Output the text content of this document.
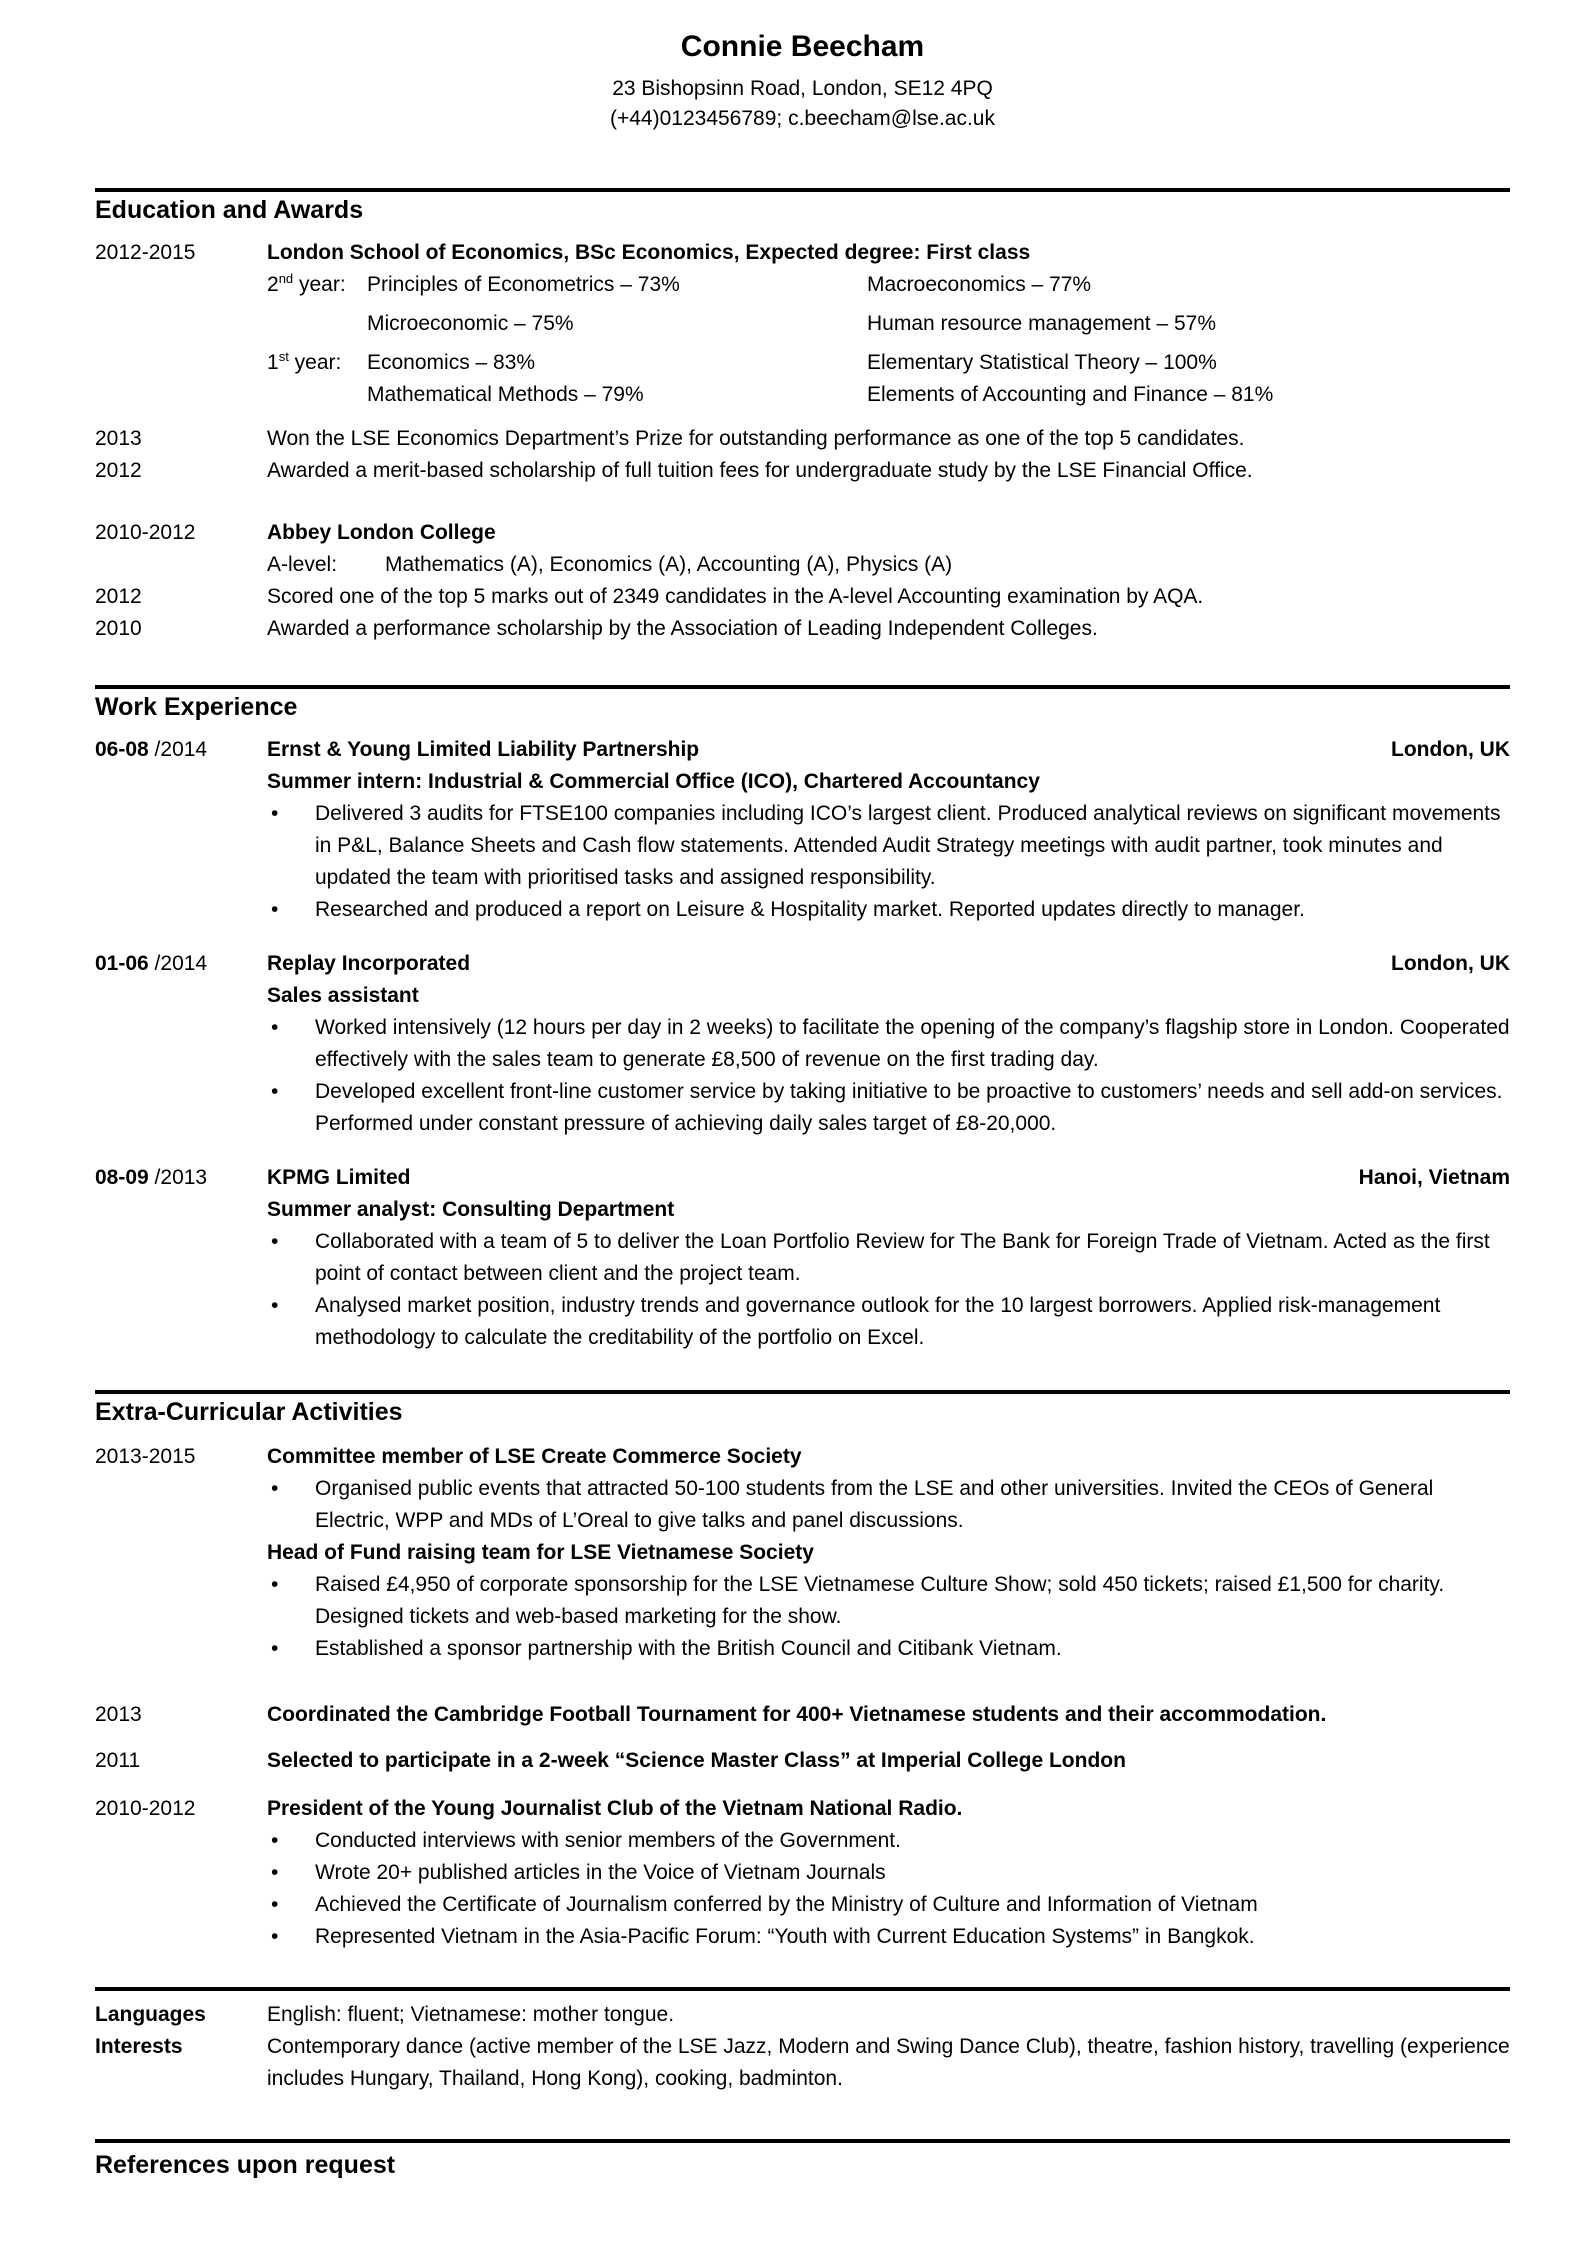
Connie Beecham
23 Bishopsinn Road, London, SE12 4PQ
(+44)0123456789; c.beecham@lse.ac.uk
Education and Awards
2012-2015	London School of Economics, BSc Economics, Expected degree: First class
2nd year:	Principles of Econometrics – 73%	Macroeconomics – 77%
Microeconomic – 75%	Human resource management – 57%
1st year:	Economics – 83%	Elementary Statistical Theory – 100%
Mathematical Methods – 79%	Elements of Accounting and Finance – 81%
2013	Won the LSE Economics Department’s Prize for outstanding performance as one of the top 5 candidates.
2012	Awarded a merit-based scholarship of full tuition fees for undergraduate study by the LSE Financial Office.
2010-2012	Abbey London College
A-level: Mathematics (A), Economics (A), Accounting (A), Physics (A)
2012	Scored one of the top 5 marks out of 2349 candidates in the A-level Accounting examination by AQA.
2010	Awarded a performance scholarship by the Association of Leading Independent Colleges.
Work Experience
06-08 /2014	Ernst & Young Limited Liability Partnership	London, UK
Summer intern: Industrial & Commercial Office (ICO), Chartered Accountancy
• Delivered 3 audits for FTSE100 companies including ICO’s largest client. Produced analytical reviews on significant movements in P&L, Balance Sheets and Cash flow statements. Attended Audit Strategy meetings with audit partner, took minutes and updated the team with prioritised tasks and assigned responsibility.
• Researched and produced a report on Leisure & Hospitality market. Reported updates directly to manager.
01-06 /2014	Replay Incorporated	London, UK
Sales assistant
• Worked intensively (12 hours per day in 2 weeks) to facilitate the opening of the company’s flagship store in London. Cooperated effectively with the sales team to generate £8,500 of revenue on the first trading day.
• Developed excellent front-line customer service by taking initiative to be proactive to customers’ needs and sell add-on services. Performed under constant pressure of achieving daily sales target of £8-20,000.
08-09 /2013	KPMG Limited	Hanoi, Vietnam
Summer analyst: Consulting Department
• Collaborated with a team of 5 to deliver the Loan Portfolio Review for The Bank for Foreign Trade of Vietnam. Acted as the first point of contact between client and the project team.
• Analysed market position, industry trends and governance outlook for the 10 largest borrowers. Applied risk-management methodology to calculate the creditability of the portfolio on Excel.
Extra-Curricular Activities
2013-2015	Committee member of LSE Create Commerce Society
• Organised public events that attracted 50-100 students from the LSE and other universities. Invited the CEOs of General Electric, WPP and MDs of L’Oreal to give talks and panel discussions.
Head of Fund raising team for LSE Vietnamese Society
• Raised £4,950 of corporate sponsorship for the LSE Vietnamese Culture Show; sold 450 tickets; raised £1,500 for charity. Designed tickets and web-based marketing for the show.
• Established a sponsor partnership with the British Council and Citibank Vietnam.
2013	Coordinated the Cambridge Football Tournament for 400+ Vietnamese students and their accommodation.
2011	Selected to participate in a 2-week “Science Master Class” at Imperial College London
2010-2012	President of the Young Journalist Club of the Vietnam National Radio.
• Conducted interviews with senior members of the Government.
• Wrote 20+ published articles in the Voice of Vietnam Journals
• Achieved the Certificate of Journalism conferred by the Ministry of Culture and Information of Vietnam
• Represented Vietnam in the Asia-Pacific Forum: “Youth with Current Education Systems” in Bangkok.
Languages	English: fluent; Vietnamese: mother tongue.
Interests	Contemporary dance (active member of the LSE Jazz, Modern and Swing Dance Club), theatre, fashion history, travelling (experience includes Hungary, Thailand, Hong Kong), cooking, badminton.
References upon request
